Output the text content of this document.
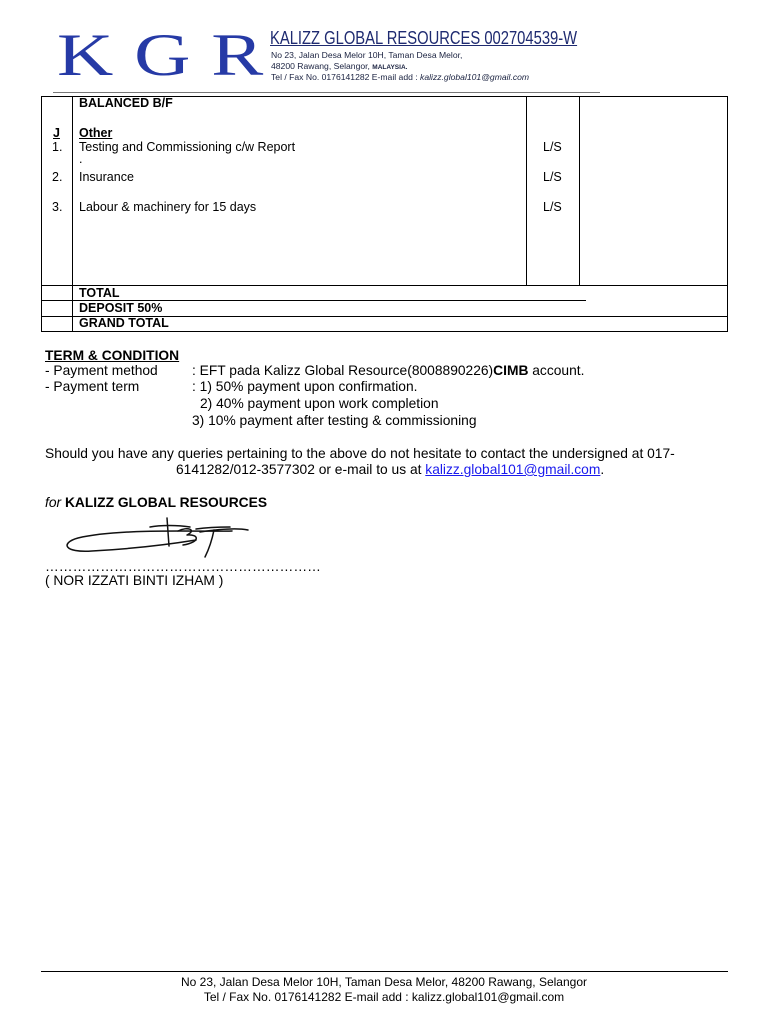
KGR
KALIZZ GLOBAL RESOURCES 002704539-W
No 23, Jalan Desa Melor 10H, Taman Desa Melor,
48200 Rawang, Selangor, MALAYSIA.
Tel / Fax No. 0176141282 E-mail add : kalizz.global101@gmail.com
BALANCED B/F
J Other
1. Testing and Commissioning c/w Report	L/S
.
2. Insurance	L/S
3. Labour & machinery for 15 days	L/S
TOTAL
DEPOSIT 50%
GRAND TOTAL
TERM & CONDITION
- Payment method : EFT pada Kalizz Global Resource(8008890226)CIMB account.
- Payment term	: 1) 50% payment upon confirmation.
2) 40% payment upon work completion
3) 10% payment after testing & commissioning
Should you have any queries pertaining to the above do not hesitate to contact the undersigned at 017-
6141282/012-3577302 or e-mail to us at kalizz.global101@gmail.com.
for KALIZZ GLOBAL RESOURCES
……………………………………………………
( NOR IZZATI BINTI IZHAM )
No 23, Jalan Desa Melor 10H, Taman Desa Melor, 48200 Rawang, Selangor
Tel / Fax No. 0176141282 E-mail add : kalizz.global101@gmail.com
